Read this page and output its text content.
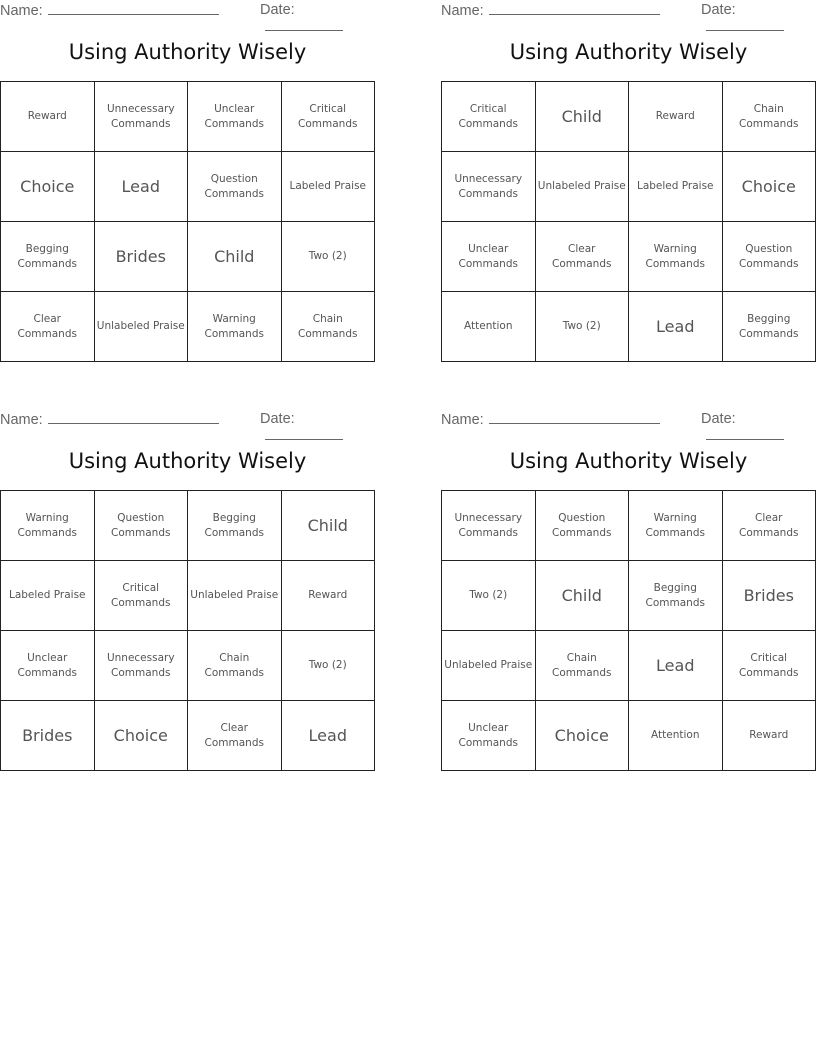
Name:	Date:
Using Authority Wisely
Reward	Unnecessary Commands	Unclear Commands	Critical Commands
Choice	Lead	Question Commands	Labeled Praise
Begging Commands	Brides	Child	Two (2)
Clear Commands	Unlabeled Praise	Warning Commands	Chain Commands
Name:	Date:
Using Authority Wisely
Critical Commands	Child	Reward	Chain Commands
Unnecessary Commands	Unlabeled Praise	Labeled Praise	Choice
Unclear Commands	Clear Commands	Warning Commands	Question Commands
Attention	Two (2)	Lead	Begging Commands
Name:	Date:
Using Authority Wisely
Warning Commands	Question Commands	Begging Commands	Child
Labeled Praise	Critical Commands	Unlabeled Praise	Reward
Unclear Commands	Unnecessary Commands	Chain Commands	Two (2)
Brides	Choice	Clear Commands	Lead
Name:	Date:
Using Authority Wisely
Unnecessary Commands	Question Commands	Warning Commands	Clear Commands
Two (2)	Child	Begging Commands	Brides
Unlabeled Praise	Chain Commands	Lead	Critical Commands
Unclear Commands	Choice	Attention	Reward
